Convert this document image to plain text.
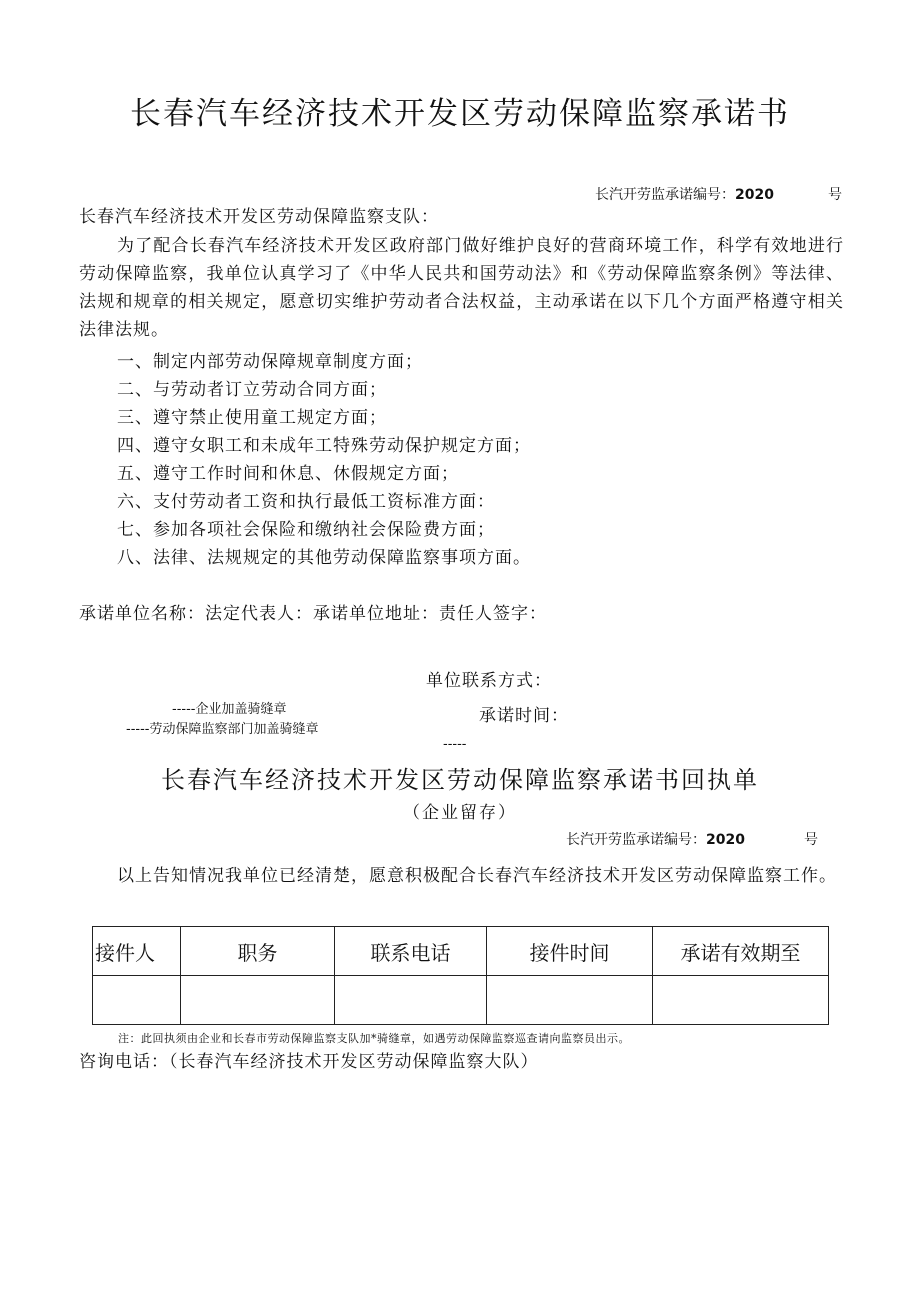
长春汽车经济技术开发区劳动保障监察承诺书
长汽开劳监承诺编号：2020	号
长春汽车经济技术开发区劳动保障监察支队：
为了配合长春汽车经济技术开发区政府部门做好维护良好的营商环境工作，科学有效地进行劳动保障监察，我单位认真学习了《中华人民共和国劳动法》和《劳动保障监察条例》等法律、法规和规章的相关规定，愿意切实维护劳动者合法权益，主动承诺在以下几个方面严格遵守相关法律法规。
一、制定内部劳动保障规章制度方面；
二、与劳动者订立劳动合同方面；
三、遵守禁止使用童工规定方面；
四、遵守女职工和未成年工特殊劳动保护规定方面；
五、遵守工作时间和休息、休假规定方面；
六、支付劳动者工资和执行最低工资标准方面：
七、参加各项社会保险和缴纳社会保险费方面；
八、法律、法规规定的其他劳动保障监察事项方面。
承诺单位名称：法定代表人：承诺单位地址：责任人签字：
单位联系方式：
-----企业加盖骑缝章
-----劳动保障监察部门加盖骑缝章
承诺时间：
-----
长春汽车经济技术开发区劳动保障监察承诺书回执单
（企业留存）
长汽开劳监承诺编号：2020	号
以上告知情况我单位已经清楚，愿意积极配合长春汽车经济技术开发区劳动保障监察工作。
接件人	职务	联系电话	接件时间	承诺有效期至

注：此回执须由企业和长春市劳动保障监察支队加*骑缝章，如遇劳动保障监察巡查请向监察员出示。
咨询电话：（长春汽车经济技术开发区劳动保障监察大队）
